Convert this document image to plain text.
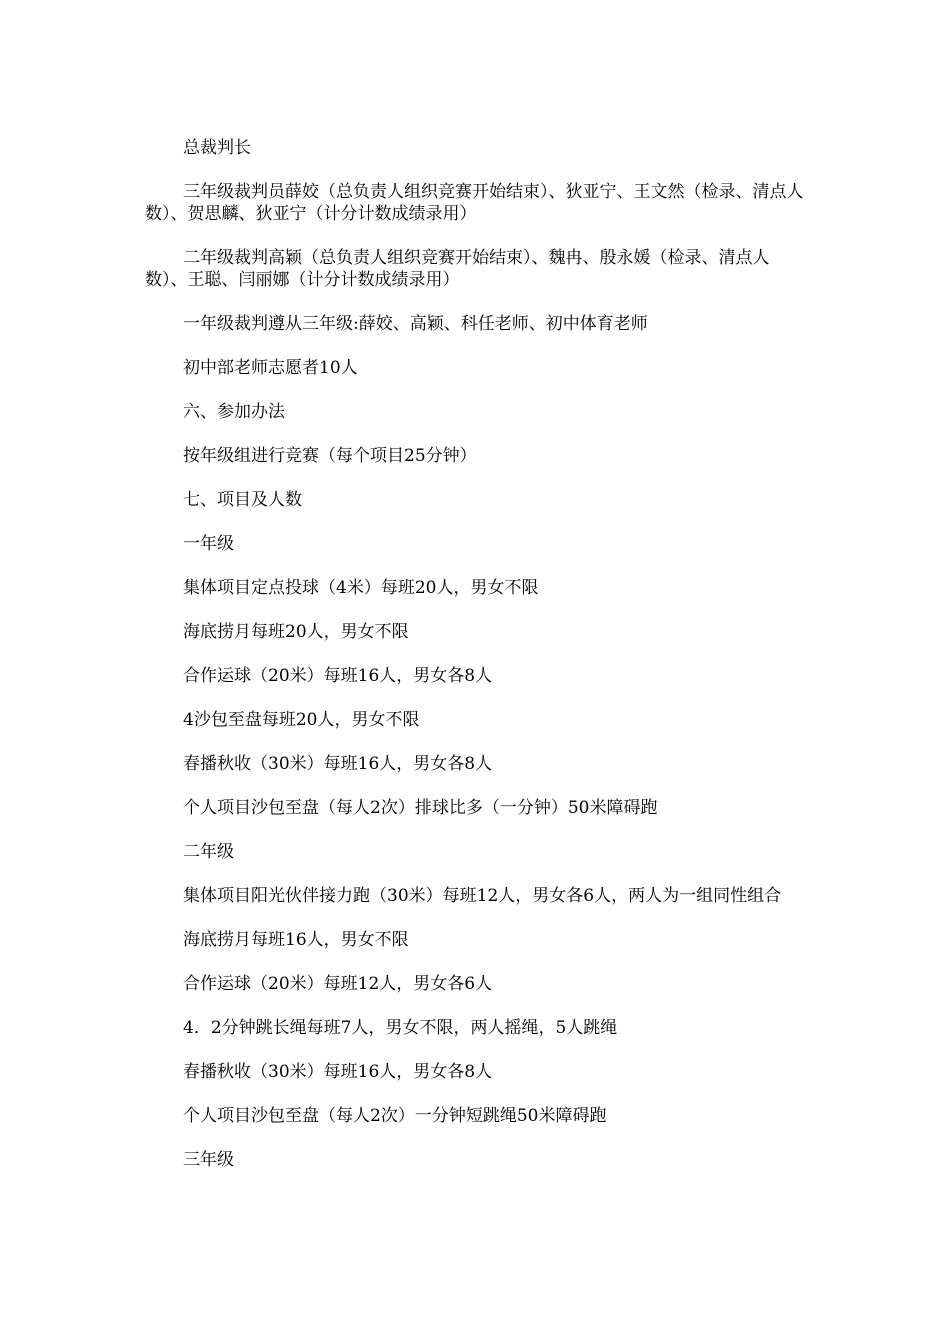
总裁判长

三年级裁判员薛姣（总负责人组织竞赛开始结束）、狄亚宁、王文然（检录、清点人数）、贺思麟、狄亚宁（计分计数成绩录用）

二年级裁判高颖（总负责人组织竞赛开始结束）、魏冉、殷永媛（检录、清点人数）、王聪、闫丽娜（计分计数成绩录用）

一年级裁判遵从三年级:薛姣、高颖、科任老师、初中体育老师

初中部老师志愿者10人

六、参加办法

按年级组进行竞赛（每个项目25分钟）

七、项目及人数

一年级

集体项目定点投球（4米）每班20人，男女不限

海底捞月每班20人，男女不限

合作运球（20米）每班16人，男女各8人

4沙包至盘每班20人，男女不限

春播秋收（30米）每班16人，男女各8人

个人项目沙包至盘（每人2次）排球比多（一分钟）50米障碍跑

二年级

集体项目阳光伙伴接力跑（30米）每班12人，男女各6人，两人为一组同性组合

海底捞月每班16人，男女不限

合作运球（20米）每班12人，男女各6人

4．2分钟跳长绳每班7人，男女不限，两人摇绳，5人跳绳

春播秋收（30米）每班16人，男女各8人

个人项目沙包至盘（每人2次）一分钟短跳绳50米障碍跑

三年级
